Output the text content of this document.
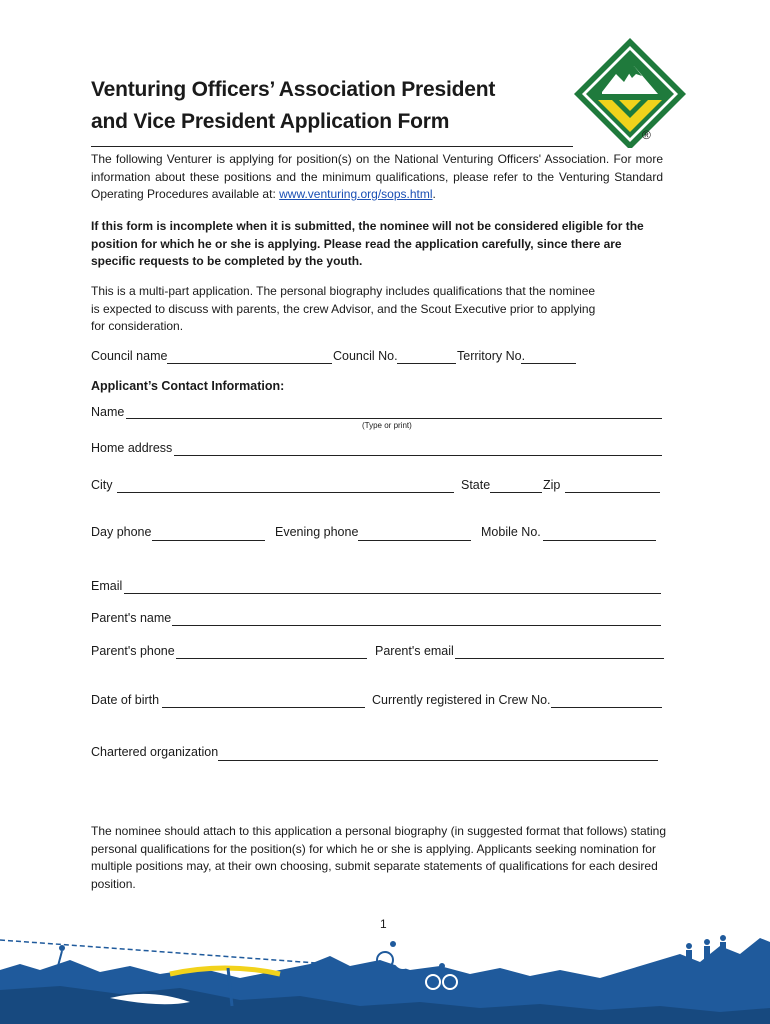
®
Venturing Officers’ Association President
and Vice President Application Form
The following Venturer is applying for position(s) on the National Venturing Officers' Association. For more information about these positions and the minimum qualifications, please refer to the Venturing Standard Operating Procedures available at: www.venturing.org/sops.html.
If this form is incomplete when it is submitted, the nominee will not be considered eligible for the position for which he or she is applying. Please read the application carefully, since there are specific requests to be completed by the youth.
This is a multi-part application. The personal biography includes qualifications that the nominee
is expected to discuss with parents, the crew Advisor, and the Scout Executive prior to applying
for consideration.
Council name	Council No.	Territory No.
Applicant’s Contact Information:
Name
(Type or print)
Home address
City	State	Zip
Day phone	Evening phone	Mobile No.
Email
Parent's name
Parent's phone	Parent's email
Date of birth	Currently registered in Crew No.
Chartered organization
The nominee should attach to this application a personal biography (in suggested format that follows) stating personal qualifications for the position(s) for which he or she is applying. Applicants seeking nomination for multiple positions may, at their own choosing, submit separate statements of qualifications for each desired position.
1
